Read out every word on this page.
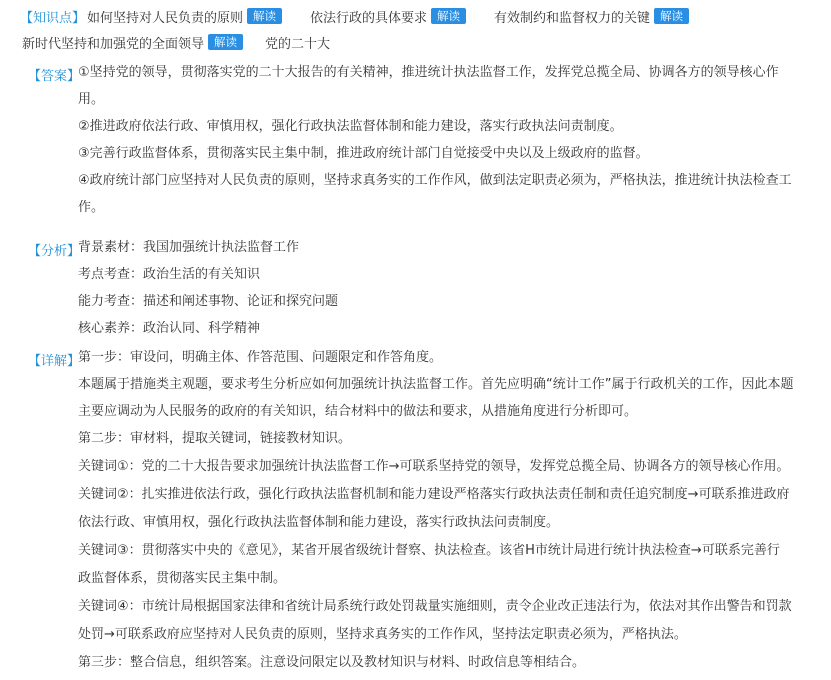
【知识点】 如何坚持对人民负责的原则 解读	依法行政的具体要求 解读	有效制约和监督权力的关键 解读
新时代坚持和加强党的全面领导 解读	党的二十大
【答案】
①坚持党的领导，贯彻落实党的二十大报告的有关精神，推进统计执法监督工作，发挥党总揽全局、协调各方的领导核心作
用。
②推进政府依法行政、审慎用权，强化行政执法监督体制和能力建设，落实行政执法问责制度。
③完善行政监督体系，贯彻落实民主集中制，推进政府统计部门自觉接受中央以及上级政府的监督。
④政府统计部门应坚持对人民负责的原则，坚持求真务实的工作作风，做到法定职责必须为，严格执法，推进统计执法检查工
作。
【分析】
背景素材：我国加强统计执法监督工作
考点考查：政治生活的有关知识
能力考查：描述和阐述事物、论证和探究问题
核心素养：政治认同、科学精神
【详解】
第一步：审设问，明确主体、作答范围、问题限定和作答角度。
本题属于措施类主观题，要求考生分析应如何加强统计执法监督工作。首先应明确“统计工作”属于行政机关的工作，因此本题
主要应调动为人民服务的政府的有关知识，结合材料中的做法和要求，从措施角度进行分析即可。
第二步：审材料，提取关键词，链接教材知识。
关键词①：党的二十大报告要求加强统计执法监督工作→可联系坚持党的领导，发挥党总揽全局、协调各方的领导核心作用。
关键词②：扎实推进依法行政，强化行政执法监督机制和能力建设严格落实行政执法责任制和责任追究制度→可联系推进政府
依法行政、审慎用权，强化行政执法监督体制和能力建设，落实行政执法问责制度。
关键词③：贯彻落实中央的《意见》，某省开展省级统计督察、执法检查。该省H市统计局进行统计执法检查→可联系完善行
政监督体系，贯彻落实民主集中制。
关键词④：市统计局根据国家法律和省统计局系统行政处罚裁量实施细则，责令企业改正违法行为，依法对其作出警告和罚款
处罚→可联系政府应坚持对人民负责的原则，坚持求真务实的工作作风，坚持法定职责必须为，严格执法。
第三步：整合信息，组织答案。注意设问限定以及教材知识与材料、时政信息等相结合。
